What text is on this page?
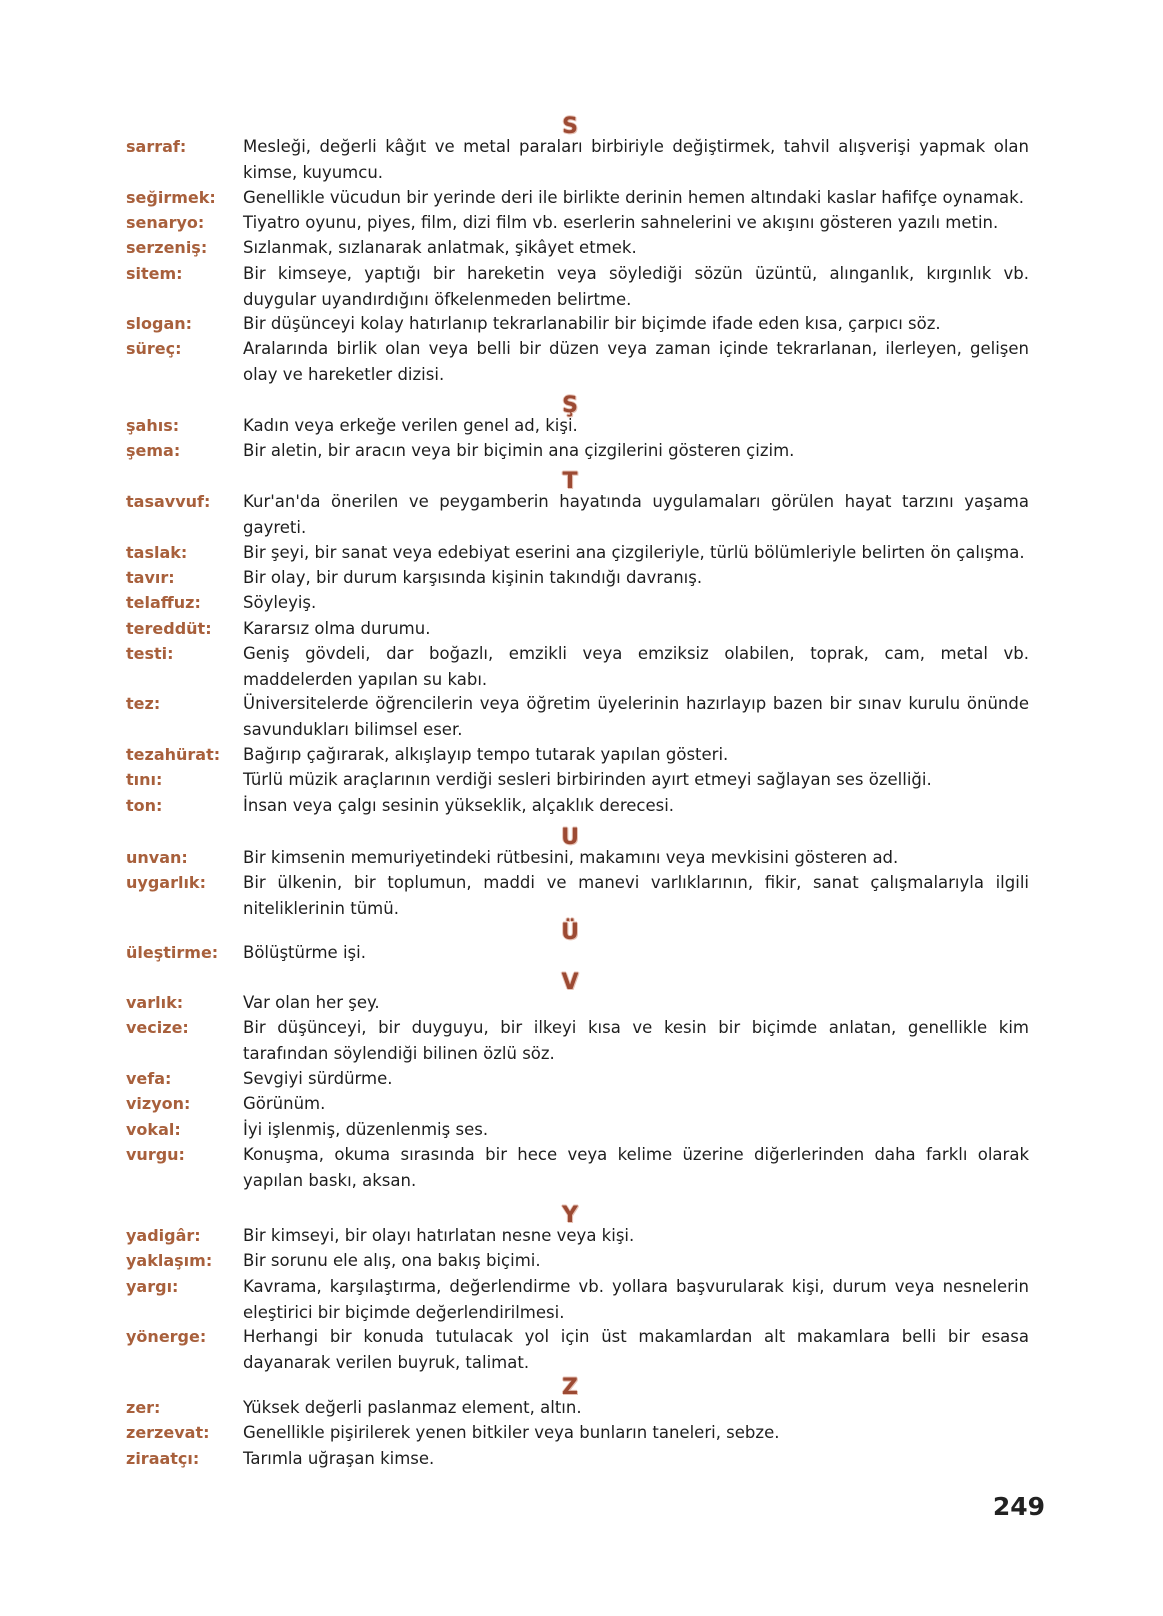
S
sarraf:	Mesleği, değerli kâğıt ve metal paraları birbiriyle değiştirmek, tahvil alışverişi yapmak olan kimse, kuyumcu.

seğirmek:	Genellikle vücudun bir yerinde deri ile birlikte derinin hemen altındaki kaslar hafifçe oynamak.

senaryo:	Tiyatro oyunu, piyes, film, dizi film vb. eserlerin sahnelerini ve akışını gösteren yazılı metin.

serzeniş:	Sızlanmak, sızlanarak anlatmak, şikâyet etmek.

sitem:	Bir kimseye, yaptığı bir hareketin veya söylediği sözün üzüntü, alınganlık, kırgınlık vb. duygular uyandırdığını öfkelenmeden belirtme.

slogan:	Bir düşünceyi kolay hatırlanıp tekrarlanabilir bir biçimde ifade eden kısa, çarpıcı söz.

süreç:	Aralarında birlik olan veya belli bir düzen veya zaman içinde tekrarlanan, ilerleyen, gelişen olay ve hareketler dizisi.

Ş
şahıs:	Kadın veya erkeğe verilen genel ad, kişi.

şema:	Bir aletin, bir aracın veya bir biçimin ana çizgilerini gösteren çizim.

T
tasavvuf:	Kur'an'da önerilen ve peygamberin hayatında uygulamaları görülen hayat tarzını yaşama gayreti.

taslak:	Bir şeyi, bir sanat veya edebiyat eserini ana çizgileriyle, türlü bölümleriyle belirten ön çalışma.

tavır:	Bir olay, bir durum karşısında kişinin takındığı davranış.

telaffuz:	Söyleyiş.

tereddüt:	Kararsız olma durumu.

testi:	Geniş gövdeli, dar boğazlı, emzikli veya emziksiz olabilen, toprak, cam, metal vb. maddelerden yapılan su kabı.

tez:	Üniversitelerde öğrencilerin veya öğretim üyelerinin hazırlayıp bazen bir sınav kurulu önünde savundukları bilimsel eser.

tezahürat:	Bağırıp çağırarak, alkışlayıp tempo tutarak yapılan gösteri.

tını:	Türlü müzik araçlarının verdiği sesleri birbirinden ayırt etmeyi sağlayan ses özelliği.

ton:	İnsan veya çalgı sesinin yükseklik, alçaklık derecesi.

U
unvan:	Bir kimsenin memuriyetindeki rütbesini, makamını veya mevkisini gösteren ad.

uygarlık:	Bir ülkenin, bir toplumun, maddi ve manevi varlıklarının, fikir, sanat çalışmalarıyla ilgili niteliklerinin tümü.

Ü
üleştirme:	Bölüştürme işi.

V
varlık:	Var olan her şey.

vecize:	Bir düşünceyi, bir duyguyu, bir ilkeyi kısa ve kesin bir biçimde anlatan, genellikle kim tarafından söylendiği bilinen özlü söz.

vefa:	Sevgiyi sürdürme.

vizyon:	Görünüm.

vokal:	İyi işlenmiş, düzenlenmiş ses.

vurgu:	Konuşma, okuma sırasında bir hece veya kelime üzerine diğerlerinden daha farklı olarak yapılan baskı, aksan.

Y
yadigâr:	Bir kimseyi, bir olayı hatırlatan nesne veya kişi.

yaklaşım:	Bir sorunu ele alış, ona bakış biçimi.

yargı:	Kavrama, karşılaştırma, değerlendirme vb. yollara başvurularak kişi, durum veya nesnelerin eleştirici bir biçimde değerlendirilmesi.

yönerge:	Herhangi bir konuda tutulacak yol için üst makamlardan alt makamlara belli bir esasa dayanarak verilen buyruk, talimat.

Z
zer:	Yüksek değerli paslanmaz element, altın.

zerzevat:	Genellikle pişirilerek yenen bitkiler veya bunların taneleri, sebze.

ziraatçı:	Tarımla uğraşan kimse.

249
